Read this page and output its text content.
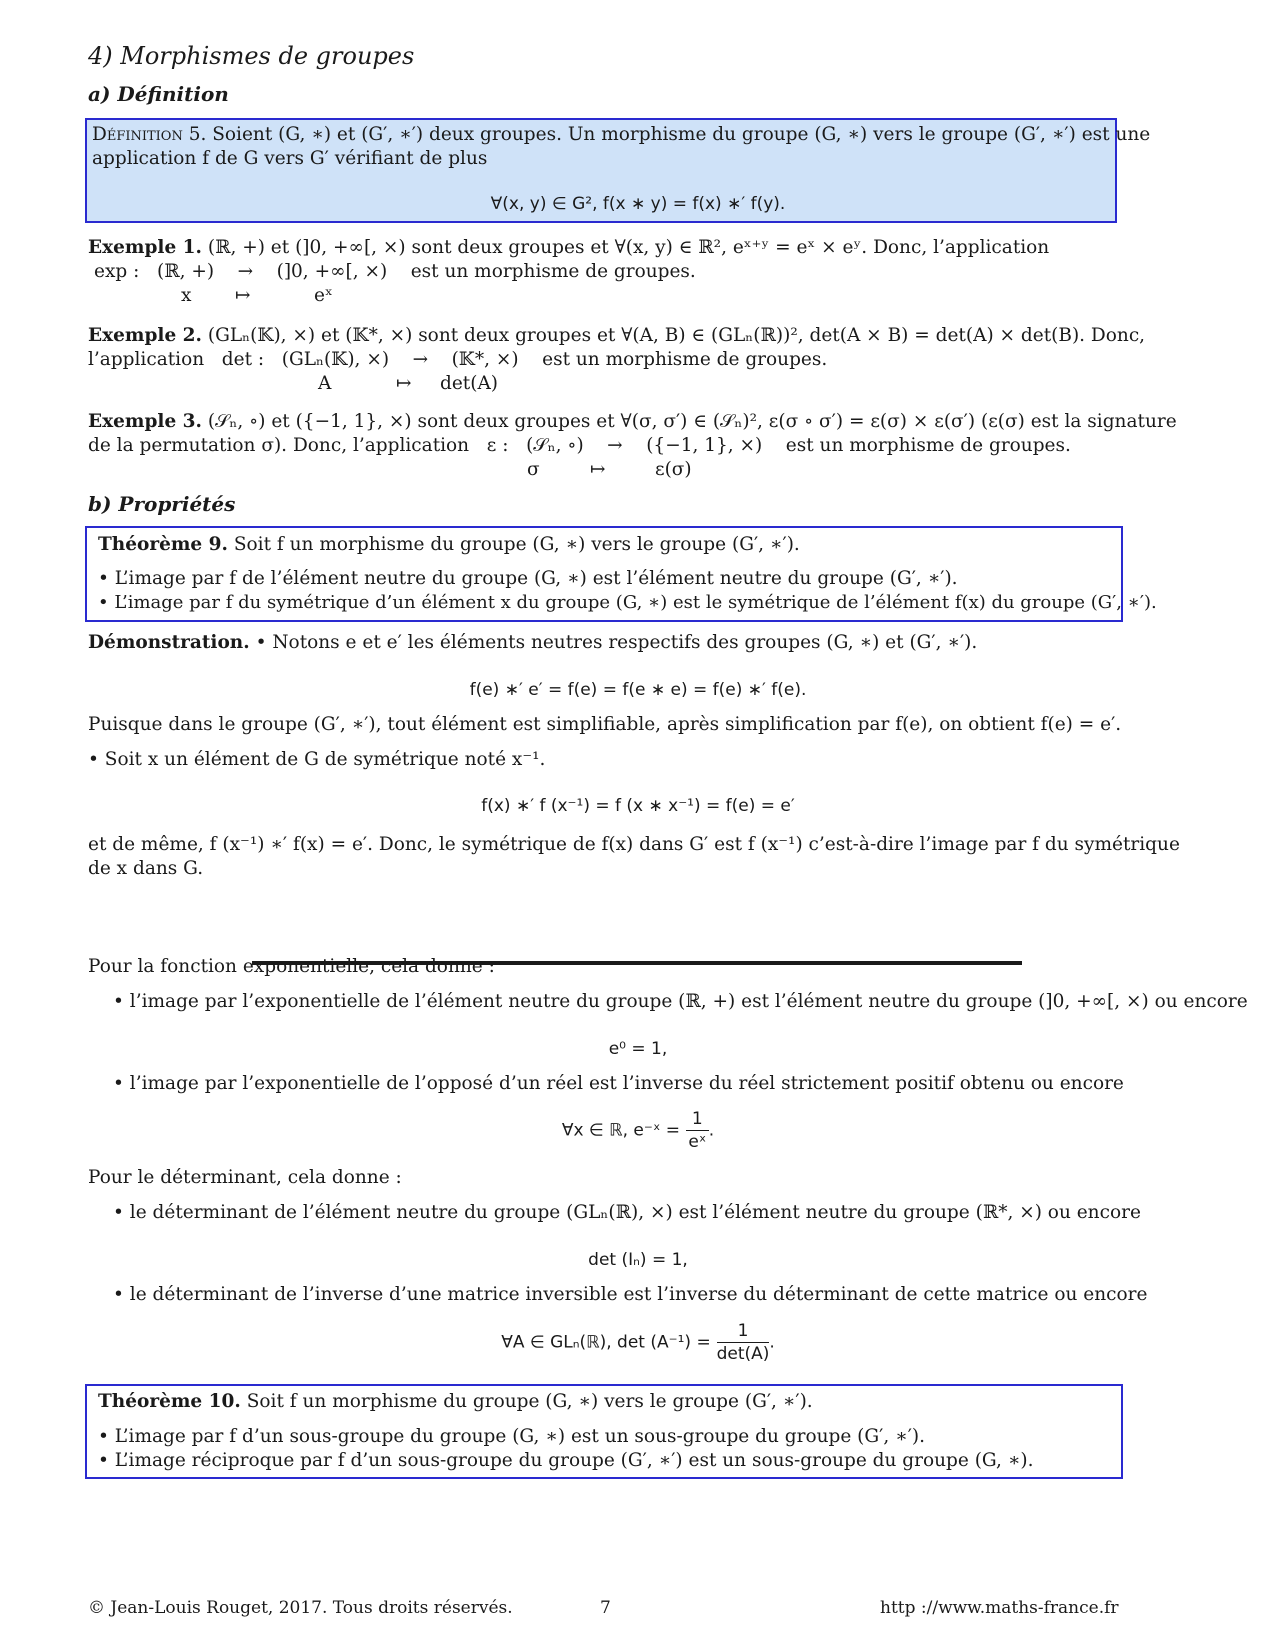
4) Morphismes de groupes
a) Définition
Définition 5. Soient (G, ∗) et (G′, ∗′) deux groupes. Un morphisme du groupe (G, ∗) vers le groupe (G′, ∗′) est une
application f de G vers G′ vérifiant de plus
∀(x, y) ∈ G², f(x ∗ y) = f(x) ∗′ f(y).
Exemple 1. (ℝ, +) et (]0, +∞[, ×) sont deux groupes et ∀(x, y) ∈ ℝ², eˣ⁺ʸ = eˣ × eʸ. Donc, l’application
exp :   (ℝ, +)    →    (]0, +∞[, ×)    est un morphisme de groupes.
x ↦	eˣ
Exemple 2. (GLₙ(𝕂), ×) et (𝕂*, ×) sont deux groupes et ∀(A, B) ∈ (GLₙ(ℝ))², det(A × B) = det(A) × det(B). Donc,
l’application   det :   (GLₙ(𝕂), ×)    →    (𝕂*, ×)    est un morphisme de groupes.
A	↦ det(A)
Exemple 3. (𝒮ₙ, ∘) et ({−1, 1}, ×) sont deux groupes et ∀(σ, σ′) ∈ (𝒮ₙ)², ε(σ ∘ σ′) = ε(σ) × ε(σ′) (ε(σ) est la signature
de la permutation σ). Donc, l’application   ε :   (𝒮ₙ, ∘)    →    ({−1, 1}, ×)    est un morphisme de groupes.
σ	↦	ε(σ)
b) Propriétés
Théorème 9. Soit f un morphisme du groupe (G, ∗) vers le groupe (G′, ∗′).
• L’image par f de l’élément neutre du groupe (G, ∗) est l’élément neutre du groupe (G′, ∗′).
• L’image par f du symétrique d’un élément x du groupe (G, ∗) est le symétrique de l’élément f(x) du groupe (G′, ∗′).
Démonstration. • Notons e et e′ les éléments neutres respectifs des groupes (G, ∗) et (G′, ∗′).
f(e) ∗′ e′ = f(e) = f(e ∗ e) = f(e) ∗′ f(e).
Puisque dans le groupe (G′, ∗′), tout élément est simplifiable, après simplification par f(e), on obtient f(e) = e′.
• Soit x un élément de G de symétrique noté x⁻¹.
f(x) ∗′ f (x⁻¹) = f (x ∗ x⁻¹) = f(e) = e′
et de même, f (x⁻¹) ∗′ f(x) = e′. Donc, le symétrique de f(x) dans G′ est f (x⁻¹) c’est-à-dire l’image par f du symétrique
de x dans G.
Pour la fonction exponentielle, cela donne :
• l’image par l’exponentielle de l’élément neutre du groupe (ℝ, +) est l’élément neutre du groupe (]0, +∞[, ×) ou encore
e⁰ = 1,
• l’image par l’exponentielle de l’opposé d’un réel est l’inverse du réel strictement positif obtenu ou encore
∀x ∈ ℝ, e⁻ˣ = $\frac{1}{\text{eˣ}}$ .
Pour le déterminant, cela donne :
• le déterminant de l’élément neutre du groupe (GLₙ(ℝ), ×) est l’élément neutre du groupe (ℝ*, ×) ou encore
det (Iₙ) = 1,
• le déterminant de l’inverse d’une matrice inversible est l’inverse du déterminant de cette matrice ou encore
∀A ∈ GLₙ(ℝ), $\det (A^{-1}) = \frac{1}{\det(A)}$ .
Théorème 10. Soit f un morphisme du groupe (G, ∗) vers le groupe (G′, ∗′).
• L’image par f d’un sous-groupe du groupe (G, ∗) est un sous-groupe du groupe (G′, ∗′).
• L’image réciproque par f d’un sous-groupe du groupe (G′, ∗′) est un sous-groupe du groupe (G, ∗).
© Jean-Louis Rouget, 2017. Tous droits réservés.	7	http ://www.maths-france.fr
